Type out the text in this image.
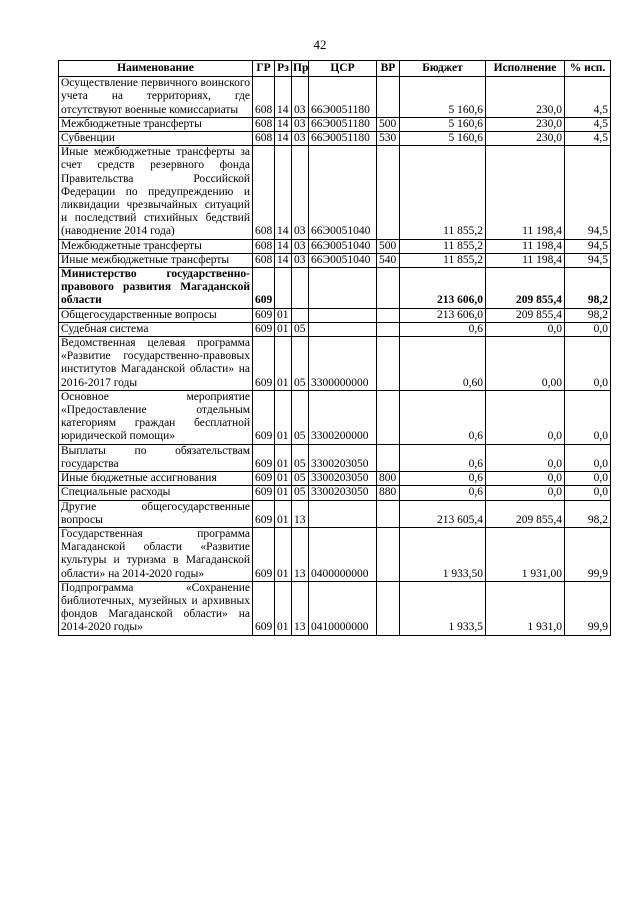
42
Наименование	ГР	Рз	Пр	ЦСР	ВР	Бюджет	Исполнение	% исп.
Осуществление первичного воинского учета на территориях, где отсутствуют военные комиссариаты	608	14	03	66Э0051180		5 160,6	230,0	4,5
Межбюджетные трансферты	608	14	03	66Э0051180	500	5 160,6	230,0	4,5
Субвенции	608	14	03	66Э0051180	530	5 160,6	230,0	4,5
Иные межбюджетные трансферты за счет средств резервного фонда Правительства Российской Федерации по предупреждению и ликвидации чрезвычайных ситуаций и последствий стихийных бедствий (наводнение 2014 года)	608	14	03	66Э0051040		11 855,2	11 198,4	94,5
Межбюджетные трансферты	608	14	03	66Э0051040	500	11 855,2	11 198,4	94,5
Иные межбюджетные трансферты	608	14	03	66Э0051040	540	11 855,2	11 198,4	94,5
Министерство государственно-правового развития Магаданской области	609					213 606,0	209 855,4	98,2
Общегосударственные вопросы	609	01				213 606,0	209 855,4	98,2
Судебная система	609	01	05			0,6	0,0	0,0
Ведомственная целевая программа «Развитие государственно-правовых институтов Магаданской области» на 2016-2017 годы	609	01	05	3300000000		0,60	0,00	0,0
Основное мероприятие «Предоставление отдельным категориям граждан бесплатной юридической помощи»	609	01	05	3300200000		0,6	0,0	0,0
Выплаты по обязательствам государства	609	01	05	3300203050		0,6	0,0	0,0
Иные бюджетные ассигнования	609	01	05	3300203050	800	0,6	0,0	0,0
Специальные расходы	609	01	05	3300203050	880	0,6	0,0	0,0
Другие общегосударственные вопросы	609	01	13			213 605,4	209 855,4	98,2
Государственная программа Магаданской области «Развитие культуры и туризма в Магаданской области» на 2014-2020 годы»	609	01	13	0400000000		1 933,50	1 931,00	99,9
Подпрограмма «Сохранение библиотечных, музейных и архивных фондов Магаданской области» на 2014-2020 годы»	609	01	13	0410000000		1 933,5	1 931,0	99,9
